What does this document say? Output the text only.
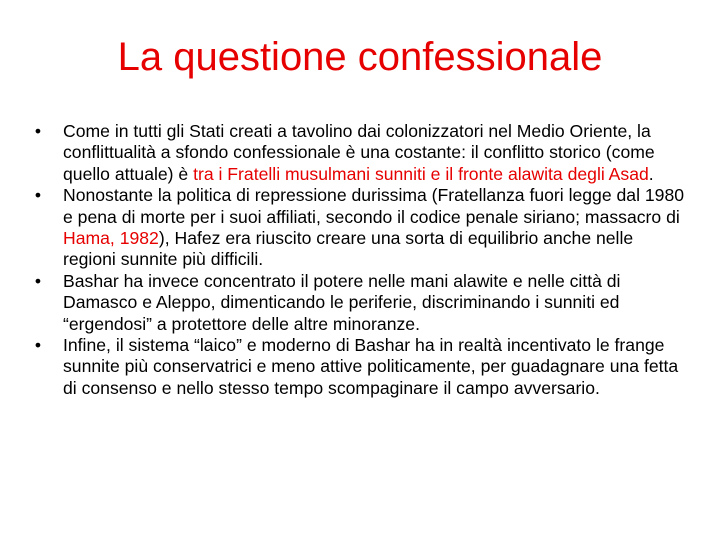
La questione confessionale
• Come in tutti gli Stati creati a tavolino dai colonizzatori nel Medio Oriente, la conflittualità a sfondo confessionale è una costante: il conflitto storico (come quello attuale) è tra i Fratelli musulmani sunniti e il fronte alawita degli Asad.
• Nonostante la politica di repressione durissima (Fratellanza fuori legge dal 1980 e pena di morte per i suoi affiliati, secondo il codice penale siriano; massacro di Hama, 1982), Hafez era riuscito creare una sorta di equilibrio anche nelle regioni sunnite più difficili.
• Bashar ha invece concentrato il potere nelle mani alawite e nelle città di Damasco e Aleppo, dimenticando le periferie, discriminando i sunniti ed “ergendosi” a protettore delle altre minoranze.
• Infine, il sistema “laico” e moderno di Bashar ha in realtà incentivato le frange sunnite più conservatrici e meno attive politicamente, per guadagnare una fetta di consenso e nello stesso tempo scompaginare il campo avversario.
